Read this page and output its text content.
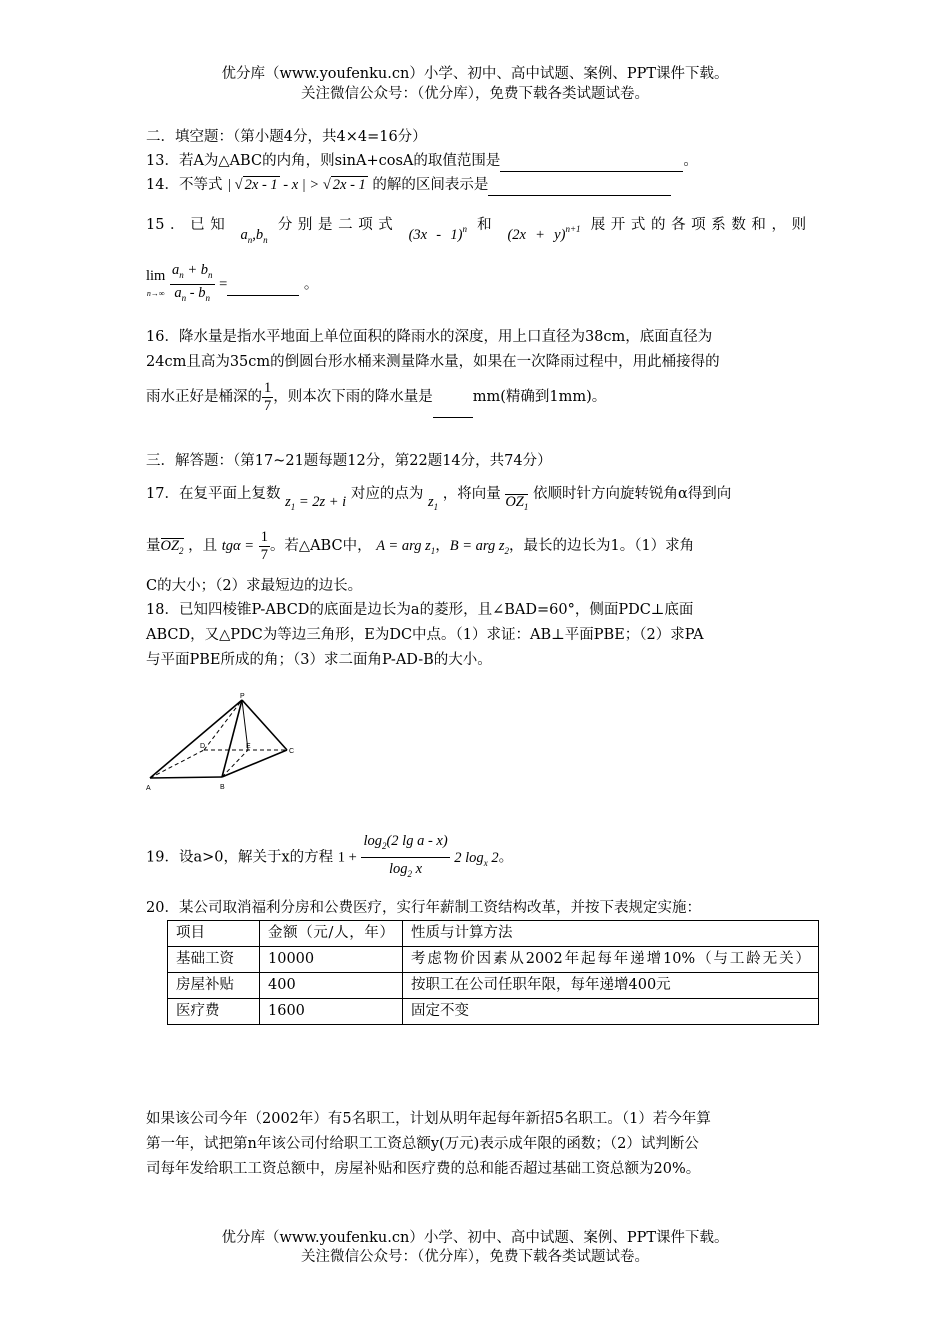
优分库（www.youfenku.cn）小学、初中、高中试题、案例、PPT课件下载。
关注微信公众号：（优分库），免费下载各类试题试卷。
二．填空题：（第小题4分，共4×4=16分）
13．若A为△ABC的内角，则sinA+cosA的取值范围是	。
14．不等式 | √ 2x - 1 - x | > √ 2x - 1 的解的区间表示是
15．已知 $a_n,b_n$ 分别是二项式 (3x - 1)$^n$ 和 $(2x + y)^{n+1}$ 展开式的各项系数和，则
lim
$n\to\infty \frac{a_n + b_n}{a_n - b_n}$ =	。
16．降水量是指水平地面上单位面积的降雨水的深度，用上口直径为38cm，底面直径为
24cm且高为35cm的倒圆台形水桶来测量降水量，如果在一次降雨过程中，用此桶接得的
雨水正好是桶深的 $\frac{1}{7}$ ，则本次下雨的降水量是	mm(精确到1mm)。
三．解答题：（第17~21题每题12分，第22题14分，共74分）
17．在复平面上复数 $z_1 = 2z + i$ 对应的点为 $z_1$ ，将向量 $OZ_1$ 依顺时针方向旋转锐角α得到向
量$OZ_2$ ，且 $tg\alpha = \frac{1}{7}$ 。若△ABC中， A = arg $z_1$，B = arg $z_2$，最长的边长为1。（1）求角
C的大小；（2）求最短边的边长。
18．已知四棱锥P-ABCD的底面是边长为a的菱形，且∠BAD=60°，侧面PDC⊥底面
ABCD，又△PDC为等边三角形，E为DC中点。（1）求证：AB⊥平面PBE；（2）求PA
与平面PBE所成的角；（3）求二面角P-AD-B的大小。
A	B
C
D	E
P
19．设a>0，解关于x的方程 $1 + \frac{\log_2(2 \lg a - x)}{\log_2 x} 2$ $\log_x 2$。
20．某公司取消福利分房和公费医疗，实行年薪制工资结构改革，并按下表规定实施：
项目	金额（元/人，年）	性质与计算方法
基础工资	10000	考虑物价因素从2002年起每年递增10%（与工龄无关）
房屋补贴	400	按职工在公司任职年限，每年递增400元
医疗费	1600	固定不变
如果该公司今年（2002年）有5名职工，计划从明年起每年新招5名职工。（1）若今年算
第一年，试把第n年该公司付给职工工资总额y(万元)表示成年限的函数；（2）试判断公
司每年发给职工工资总额中，房屋补贴和医疗费的总和能否超过基础工资总额为20%。
优分库（www.youfenku.cn）小学、初中、高中试题、案例、PPT课件下载。
关注微信公众号：（优分库），免费下载各类试题试卷。
